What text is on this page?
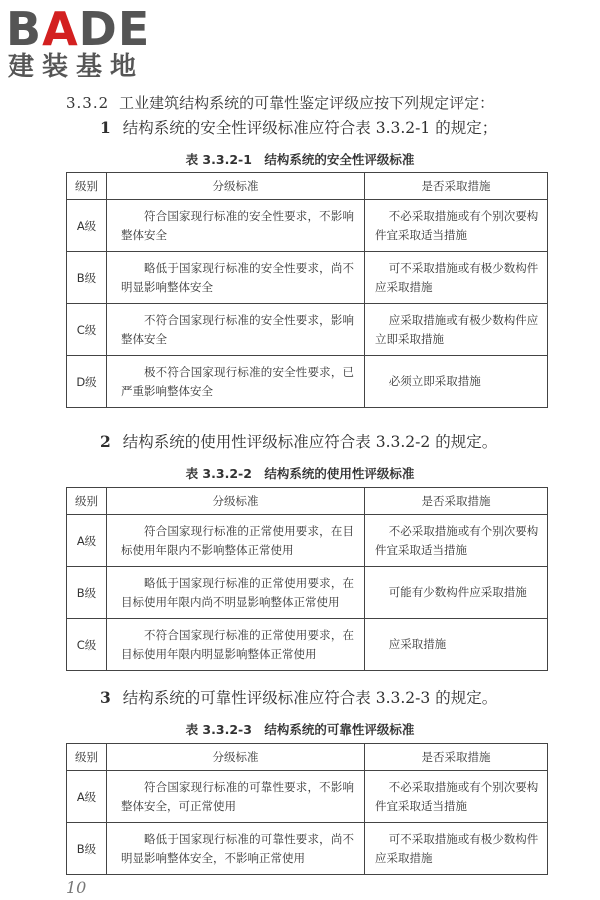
BADE
建装基地
3.3.2 工业建筑结构系统的可靠性鉴定评级应按下列规定评定：
1 结构系统的安全性评级标准应符合表 3.3.2-1 的规定；
表 3.3.2-1　结构系统的安全性评级标准
级别	分级标准	是否采取措施
A级	符合国家现行标准的安全性要求，不影响整体安全	不必采取措施或有个别次要构件宜采取适当措施
B级	略低于国家现行标准的安全性要求，尚不明显影响整体安全	可不采取措施或有极少数构件应采取措施
C级	不符合国家现行标准的安全性要求，影响整体安全	应采取措施或有极少数构件应立即采取措施
D级	极不符合国家现行标准的安全性要求，已严重影响整体安全	必须立即采取措施
2 结构系统的使用性评级标准应符合表 3.3.2-2 的规定。
表 3.3.2-2　结构系统的使用性评级标准
级别	分级标准	是否采取措施
A级	符合国家现行标准的正常使用要求，在目标使用年限内不影响整体正常使用	不必采取措施或有个别次要构件宜采取适当措施
B级	略低于国家现行标准的正常使用要求，在目标使用年限内尚不明显影响整体正常使用	可能有少数构件应采取措施
C级	不符合国家现行标准的正常使用要求，在目标使用年限内明显影响整体正常使用	应采取措施
3 结构系统的可靠性评级标准应符合表 3.3.2-3 的规定。
表 3.3.2-3　结构系统的可靠性评级标准
级别	分级标准	是否采取措施
A级	符合国家现行标准的可靠性要求，不影响整体安全，可正常使用	不必采取措施或有个别次要构件宜采取适当措施
B级	略低于国家现行标准的可靠性要求，尚不明显影响整体安全，不影响正常使用	可不采取措施或有极少数构件应采取措施
10
